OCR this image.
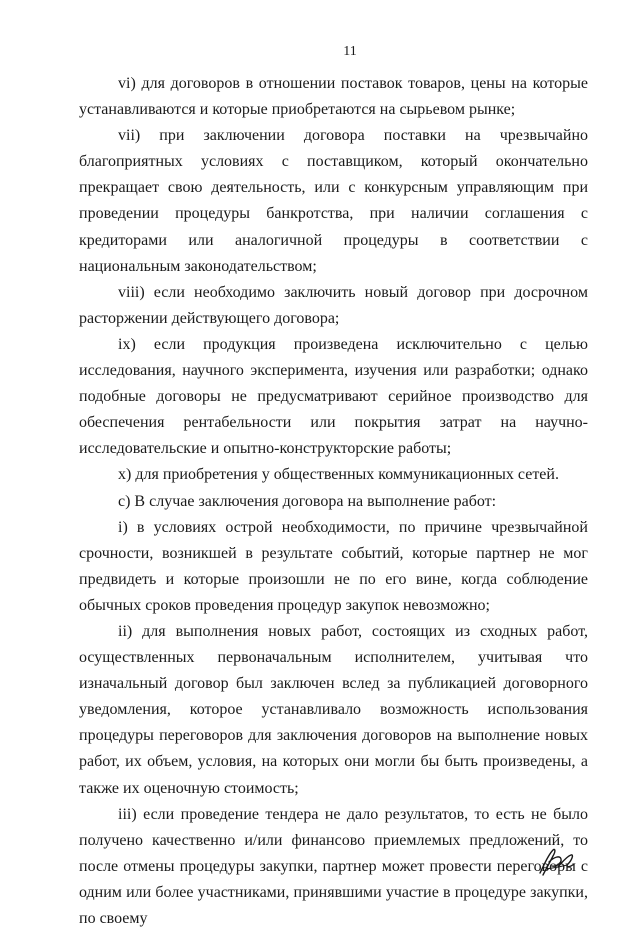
11

vi) для договоров в отношении поставок товаров, цены на которые устанавливаются и которые приобретаются на сырьевом рынке;

vii) при заключении договора поставки на чрезвычайно благоприятных условиях с поставщиком, который окончательно прекращает свою деятельность, или с конкурсным управляющим при проведении процедуры банкротства, при наличии соглашения с кредиторами или аналогичной процедуры в соответствии с национальным законодательством;

viii) если необходимо заключить новый договор при досрочном расторжении действующего договора;

ix) если продукция произведена исключительно с целью исследования, научного эксперимента, изучения или разработки; однако подобные договоры не предусматривают серийное производство для обеспечения рентабельности или покрытия затрат на научно-исследовательские и опытно-конструкторские работы;

x) для приобретения у общественных коммуникационных сетей.

c) В случае заключения договора на выполнение работ:

i) в условиях острой необходимости, по причине чрезвычайной срочности, возникшей в результате событий, которые партнер не мог предвидеть и которые произошли не по его вине, когда соблюдение обычных сроков проведения процедур закупок невозможно;

ii) для выполнения новых работ, состоящих из сходных работ, осуществленных первоначальным исполнителем, учитывая что изначальный договор был заключен вслед за публикацией договорного уведомления, которое устанавливало возможность использования процедуры переговоров для заключения договоров на выполнение новых работ, их объем, условия, на которых они могли бы быть произведены, а также их оценочную стоимость;

iii) если проведение тендера не дало результатов, то есть не было получено качественно и/или финансово приемлемых предложений, то после отмены процедуры закупки, партнер может провести переговоры с одним или более участниками, принявшими участие в процедуре закупки, по своему
